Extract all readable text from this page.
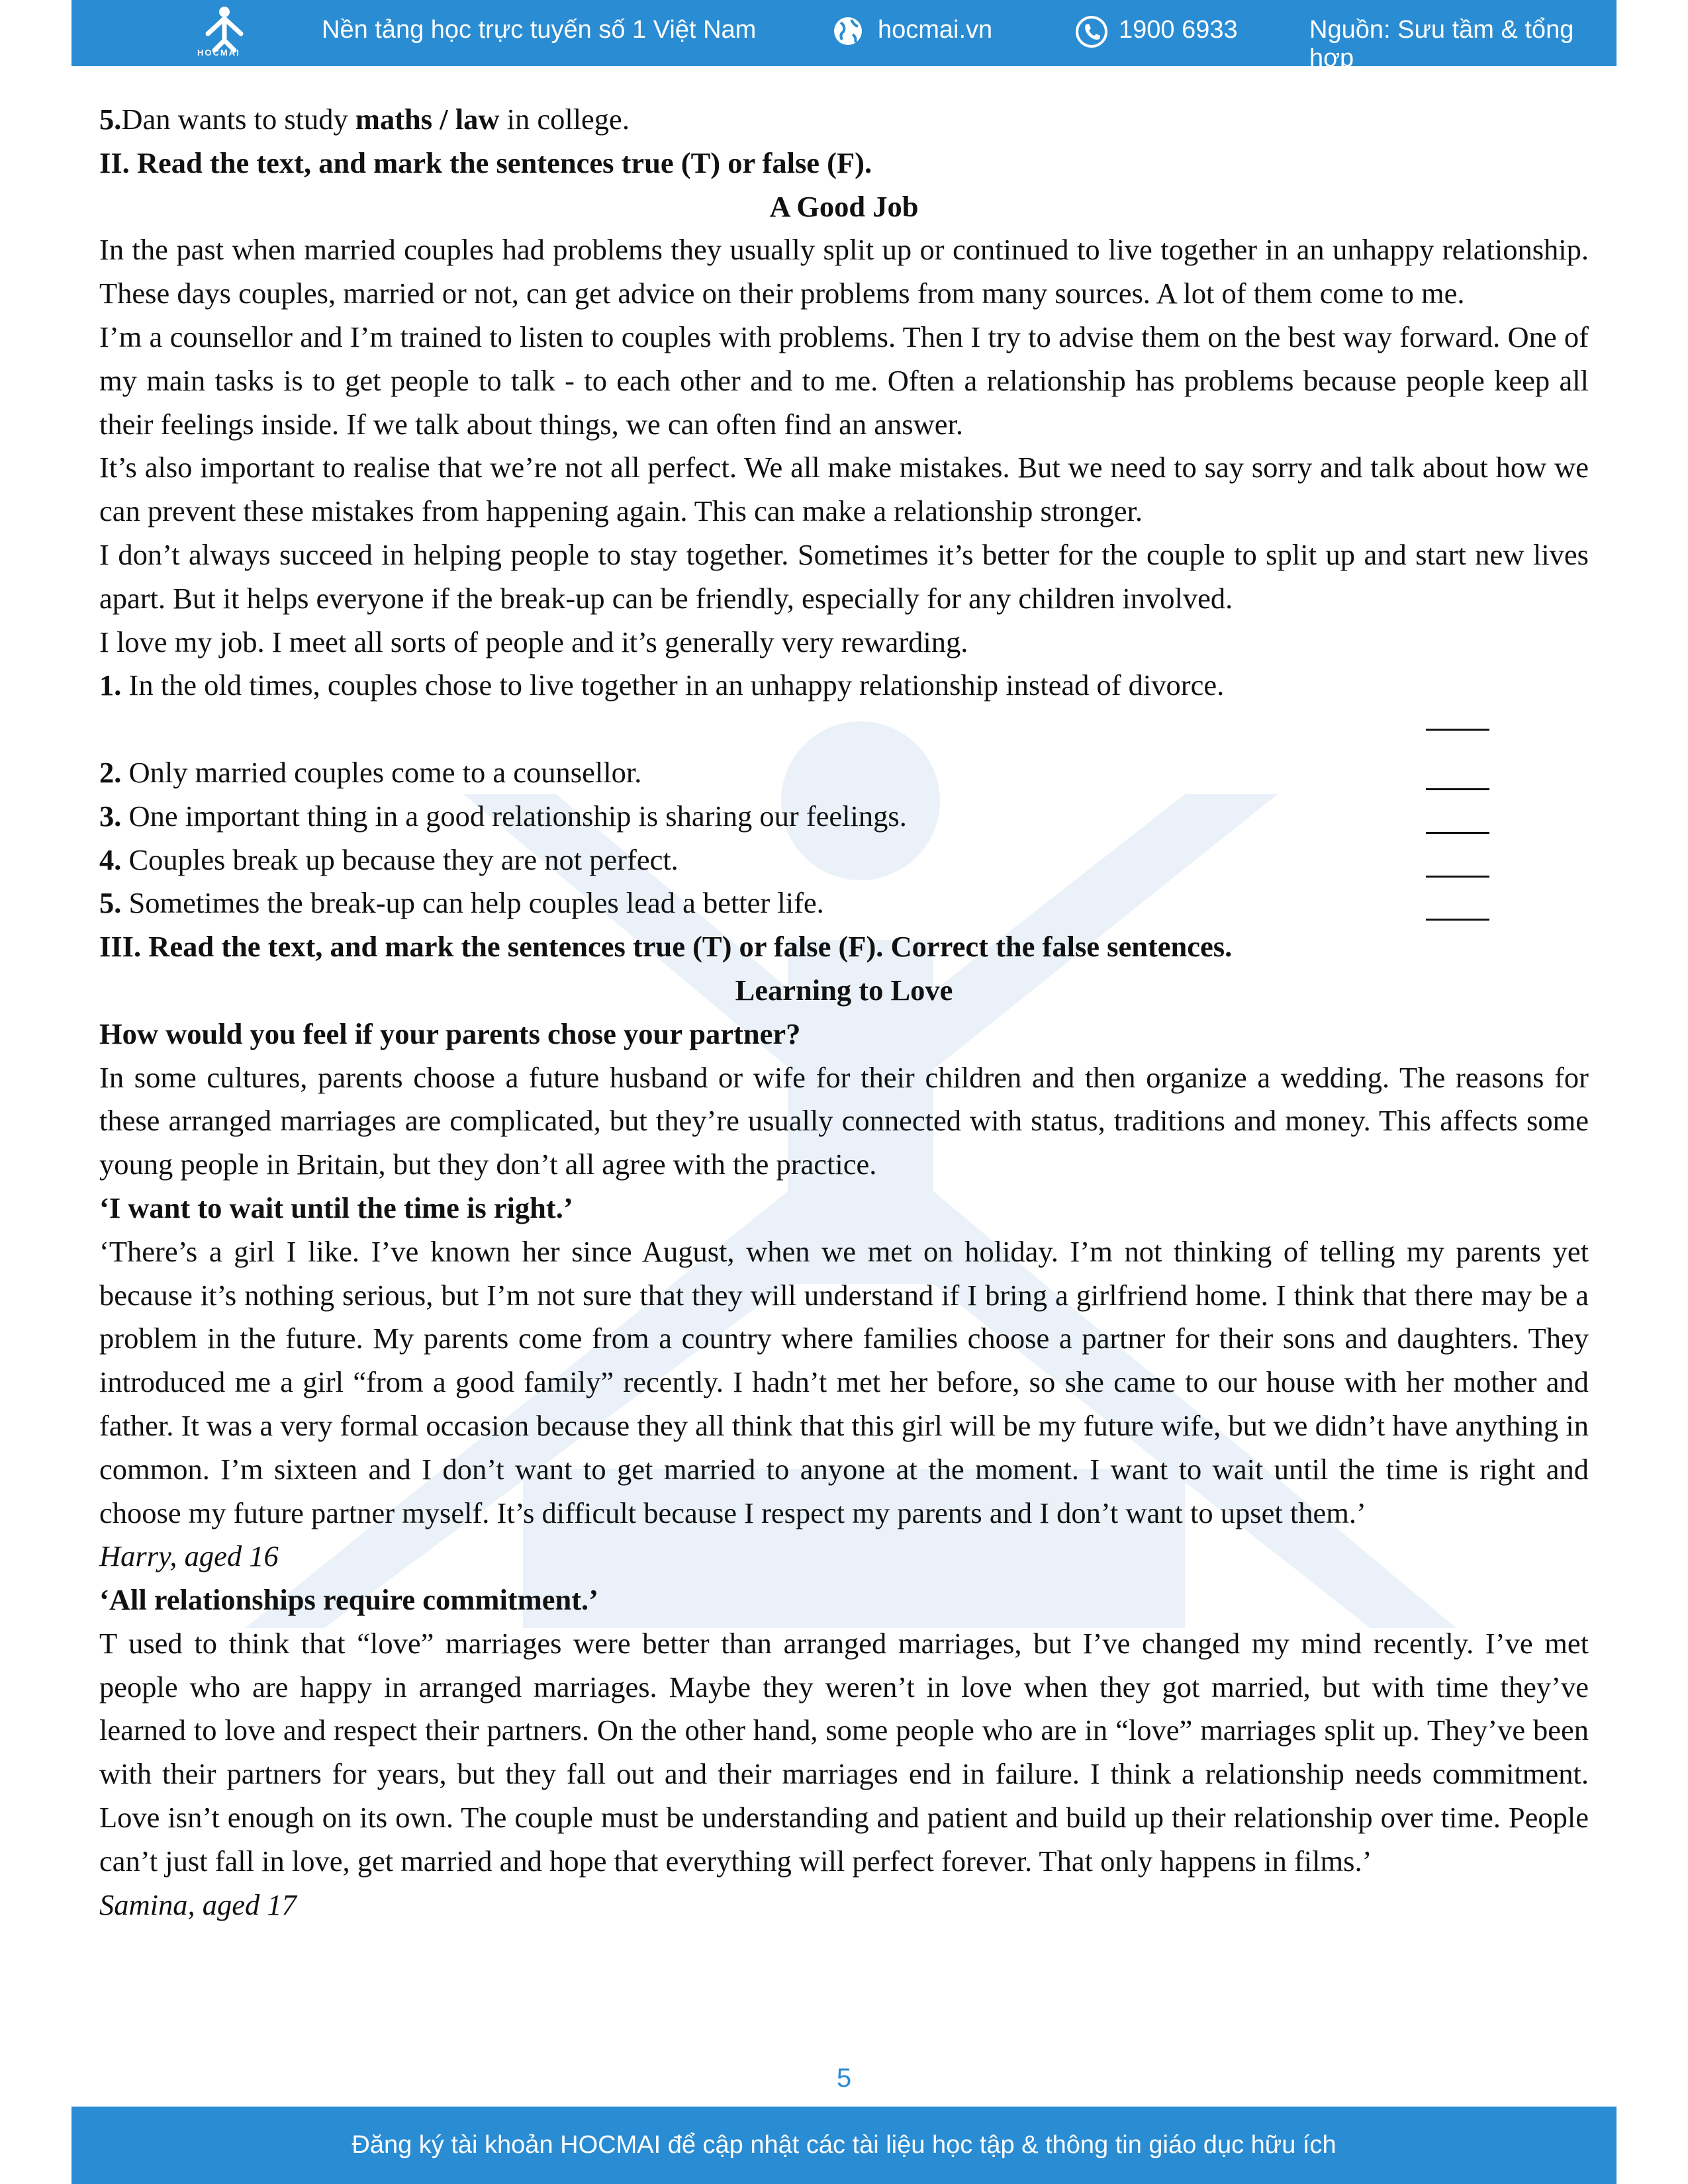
HOCMAI
Nền tảng học trực tuyến số 1 Việt Nam	hocmai.vn	1900 6933	Nguồn: Sưu tầm & tổng hợp

5.Dan wants to study maths / law in college.

II. Read the text, and mark the sentences true (T) or false (F).

A Good Job

In the past when married couples had problems they usually split up or continued to live together in an unhappy relationship. These days couples, married or not, can get advice on their problems from many sources. A lot of them come to me.

I’m a counsellor and I’m trained to listen to couples with problems. Then I try to advise them on the best way forward. One of my main tasks is to get people to talk - to each other and to me. Often a relationship has problems because people keep all their feelings inside. If we talk about things, we can often find an answer.

It’s also important to realise that we’re not all perfect. We all make mistakes. But we need to say sorry and talk about how we can prevent these mistakes from happening again. This can make a relationship stronger.

I don’t always succeed in helping people to stay together. Sometimes it’s better for the couple to split up and start new lives apart. But it helps everyone if the break-up can be friendly, especially for any children involved.

I love my job. I meet all sorts of people and it’s generally very rewarding.

1. In the old times, couples chose to live together in an unhappy relationship instead of divorce.

2. Only married couples come to a counsellor.

3. One important thing in a good relationship is sharing our feelings.

4. Couples break up because they are not perfect.

5. Sometimes the break-up can help couples lead a better life.

III. Read the text, and mark the sentences true (T) or false (F). Correct the false sentences.

Learning to Love

How would you feel if your parents chose your partner?

In some cultures, parents choose a future husband or wife for their children and then organize a wedding. The reasons for these arranged marriages are complicated, but they’re usually connected with status, traditions and money. This affects some young people in Britain, but they don’t all agree with the practice.

‘I want to wait until the time is right.’

‘There’s a girl I like. I’ve known her since August, when we met on holiday. I’m not thinking of telling my parents yet because it’s nothing serious, but I’m not sure that they will understand if I bring a girlfriend home. I think that there may be a problem in the future. My parents come from a country where families choose a partner for their sons and daughters. They introduced me a girl “from a good family” recently. I hadn’t met her before, so she came to our house with her mother and father. It was a very formal occasion because they all think that this girl will be my future wife, but we didn’t have anything in common. I’m sixteen and I don’t want to get married to anyone at the moment. I want to wait until the time is right and choose my future partner myself. It’s difficult because I respect my parents and I don’t want to upset them.’

Harry, aged 16

‘All relationships require commitment.’

T used to think that “love” marriages were better than arranged marriages, but I’ve changed my mind recently. I’ve met people who are happy in arranged marriages. Maybe they weren’t in love when they got married, but with time they’ve learned to love and respect their partners. On the other hand, some people who are in “love” marriages split up. They’ve been with their partners for years, but they fall out and their marriages end in failure. I think a relationship needs commitment. Love isn’t enough on its own. The couple must be understanding and patient and build up their relationship over time. People can’t just fall in love, get married and hope that everything will perfect forever. That only happens in films.’

Samina, aged 17

5
Đăng ký tài khoản HOCMAI để cập nhật các tài liệu học tập & thông tin giáo dục hữu ích
